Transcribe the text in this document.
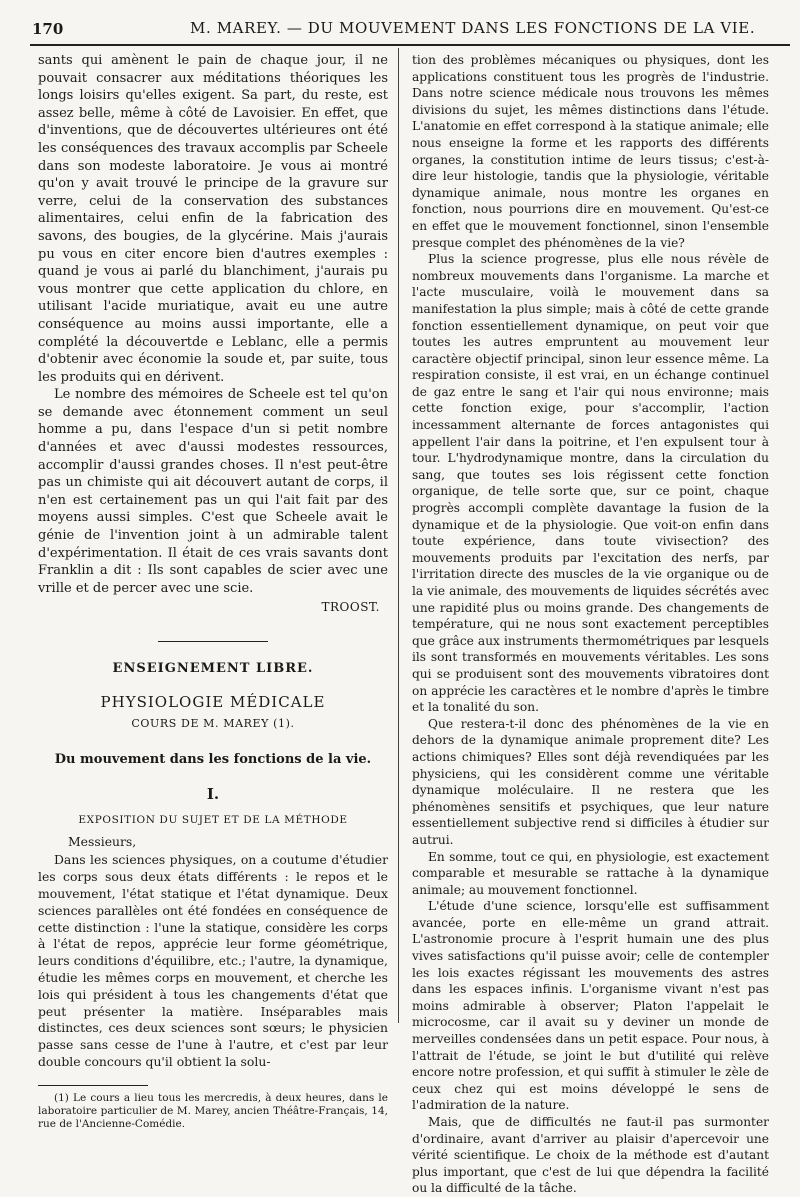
170	M. MAREY. — DU MOUVEMENT DANS LES FONCTIONS DE LA VIE.

sants qui amènent le pain de chaque jour, il ne pouvait consacrer aux méditations théoriques les longs loisirs qu'elles exigent. Sa part, du reste, est assez belle, même à côté de Lavoisier. En effet, que d'inventions, que de découvertes ultérieures ont été les conséquences des travaux accomplis par Scheele dans son modeste laboratoire. Je vous ai montré qu'on y avait trouvé le principe de la gravure sur verre, celui de la conservation des substances alimentaires, celui enfin de la fabrication des savons, des bougies, de la glycérine. Mais j'aurais pu vous en citer encore bien d'autres exemples : quand je vous ai parlé du blanchiment, j'aurais pu vous montrer que cette application du chlore, en utilisant l'acide muriatique, avait eu une autre conséquence au moins aussi importante, elle a complété la découvertde e Leblanc, elle a permis d'obtenir avec économie la soude et, par suite, tous les produits qui en dérivent.

Le nombre des mémoires de Scheele est tel qu'on se demande avec étonnement comment un seul homme a pu, dans l'espace d'un si petit nombre d'années et avec d'aussi modestes ressources, accomplir d'aussi grandes choses. Il n'est peut-être pas un chimiste qui ait découvert autant de corps, il n'en est certainement pas un qui l'ait fait par des moyens aussi simples. C'est que Scheele avait le génie de l'invention joint à un admirable talent d'expérimentation. Il était de ces vrais savants dont Franklin a dit : Ils sont capables de scier avec une vrille et de percer avec une scie.

TROOST.
ENSEIGNEMENT LIBRE.
PHYSIOLOGIE MÉDICALE
COURS DE M. MAREY (1).
Du mouvement dans les fonctions de la vie.
I.
EXPOSITION DU SUJET ET DE LA MÉTHODE

Messieurs,

Dans les sciences physiques, on a coutume d'étudier les corps sous deux états différents : le repos et le mouvement, l'état statique et l'état dynamique. Deux sciences parallèles ont été fondées en conséquence de cette distinction : l'une la statique, considère les corps à l'état de repos, apprécie leur forme géométrique, leurs conditions d'équilibre, etc.; l'autre, la dynamique, étudie les mêmes corps en mouvement, et cherche les lois qui président à tous les changements d'état que peut présenter la matière. Inséparables mais distinctes, ces deux sciences sont sœurs; le physicien passe sans cesse de l'une à l'autre, et c'est par leur double concours qu'il obtient la solu-

(1) Le cours a lieu tous les mercredis, à deux heures, dans le laboratoire particulier de M. Marey, ancien Théâtre-Français, 14, rue de l'Ancienne-Comédie.

tion des problèmes mécaniques ou physiques, dont les applications constituent tous les progrès de l'industrie. Dans notre science médicale nous trouvons les mêmes divisions du sujet, les mêmes distinctions dans l'étude. L'anatomie en effet correspond à la statique animale; elle nous enseigne la forme et les rapports des différents organes, la constitution intime de leurs tissus; c'est-à-dire leur histologie, tandis que la physiologie, véritable dynamique animale, nous montre les organes en fonction, nous pourrions dire en mouvement. Qu'est-ce en effet que le mouvement fonctionnel, sinon l'ensemble presque complet des phénomènes de la vie?

Plus la science progresse, plus elle nous révèle de nombreux mouvements dans l'organisme. La marche et l'acte musculaire, voilà le mouvement dans sa manifestation la plus simple; mais à côté de cette grande fonction essentiellement dynamique, on peut voir que toutes les autres empruntent au mouvement leur caractère objectif principal, sinon leur essence même. La respiration consiste, il est vrai, en un échange continuel de gaz entre le sang et l'air qui nous environne; mais cette fonction exige, pour s'accomplir, l'action incessamment alternante de forces antagonistes qui appellent l'air dans la poitrine, et l'en expulsent tour à tour. L'hydrodynamique montre, dans la circulation du sang, que toutes ses lois régissent cette fonction organique, de telle sorte que, sur ce point, chaque progrès accompli complète davantage la fusion de la dynamique et de la physiologie. Que voit-on enfin dans toute expérience, dans toute vivisection? des mouvements produits par l'excitation des nerfs, par l'irritation directe des muscles de la vie organique ou de la vie animale, des mouvements de liquides sécrétés avec une rapidité plus ou moins grande. Des changements de température, qui ne nous sont exactement perceptibles que grâce aux instruments thermométriques par lesquels ils sont transformés en mouvements véritables. Les sons qui se produisent sont des mouvements vibratoires dont on apprécie les caractères et le nombre d'après le timbre et la tonalité du son.

Que restera-t-il donc des phénomènes de la vie en dehors de la dynamique animale proprement dite? Les actions chimiques? Elles sont déjà revendiquées par les physiciens, qui les considèrent comme une véritable dynamique moléculaire. Il ne restera que les phénomènes sensitifs et psychiques, que leur nature essentiellement subjective rend si difficiles à étudier sur autrui.

En somme, tout ce qui, en physiologie, est exactement comparable et mesurable se rattache à la dynamique animale; au mouvement fonctionnel.

L'étude d'une science, lorsqu'elle est suffisamment avancée, porte en elle-même un grand attrait. L'astronomie procure à l'esprit humain une des plus vives satisfactions qu'il puisse avoir; celle de contempler les lois exactes régissant les mouvements des astres dans les espaces infinis. L'organisme vivant n'est pas moins admirable à observer; Platon l'appelait le microcosme, car il avait su y deviner un monde de merveilles condensées dans un petit espace. Pour nous, à l'attrait de l'étude, se joint le but d'utilité qui relève encore notre profession, et qui suffit à stimuler le zèle de ceux chez qui est moins développé le sens de l'admiration de la nature.

Mais, que de difficultés ne faut-il pas surmonter d'ordinaire, avant d'arriver au plaisir d'apercevoir une vérité scientifique. Le choix de la méthode est d'autant plus important, que c'est de lui que dépendra la facilité ou la difficulté de la tâche.
